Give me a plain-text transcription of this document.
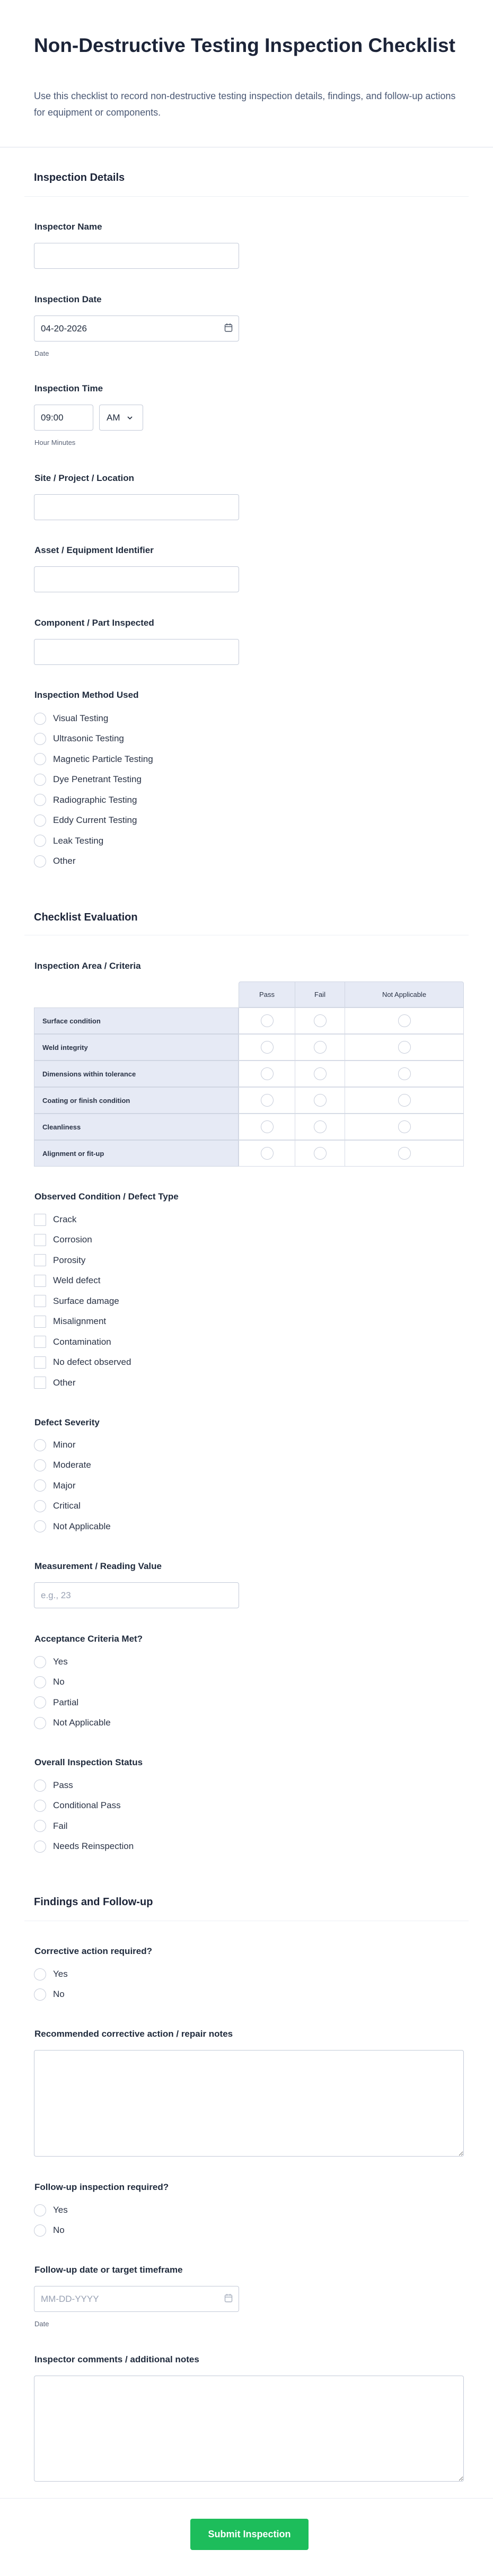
Non-Destructive Testing Inspection Checklist

Use this checklist to record non-destructive testing inspection details, findings, and follow-up actions for equipment or components.

Inspection Details
Inspector Name
Inspection Date
04-20-2026
Date
Inspection Time
09:00
AM
Hour Minutes
Site / Project / Location
Asset / Equipment Identifier
Component / Part Inspected
Inspection Method Used
Visual Testing
Ultrasonic Testing
Magnetic Particle Testing
Dye Penetrant Testing
Radiographic Testing
Eddy Current Testing
Leak Testing
Other
Checklist Evaluation
Inspection Area / Criteria
Pass	Fail	Not Applicable
Surface condition
Weld integrity
Dimensions within tolerance
Coating or finish condition
Cleanliness
Alignment or fit-up
Observed Condition / Defect Type
Crack
Corrosion
Porosity
Weld defect
Surface damage
Misalignment
Contamination
No defect observed
Other
Defect Severity
Minor
Moderate
Major
Critical
Not Applicable
Measurement / Reading Value
e.g., 23
Acceptance Criteria Met?
Yes
No
Partial
Not Applicable
Overall Inspection Status
Pass
Conditional Pass
Fail
Needs Reinspection
Findings and Follow-up
Corrective action required?
Yes
No
Recommended corrective action / repair notes
Follow-up inspection required?
Yes
No
Follow-up date or target timeframe
MM-DD-YYYY
Date
Inspector comments / additional notes
Submit Inspection
